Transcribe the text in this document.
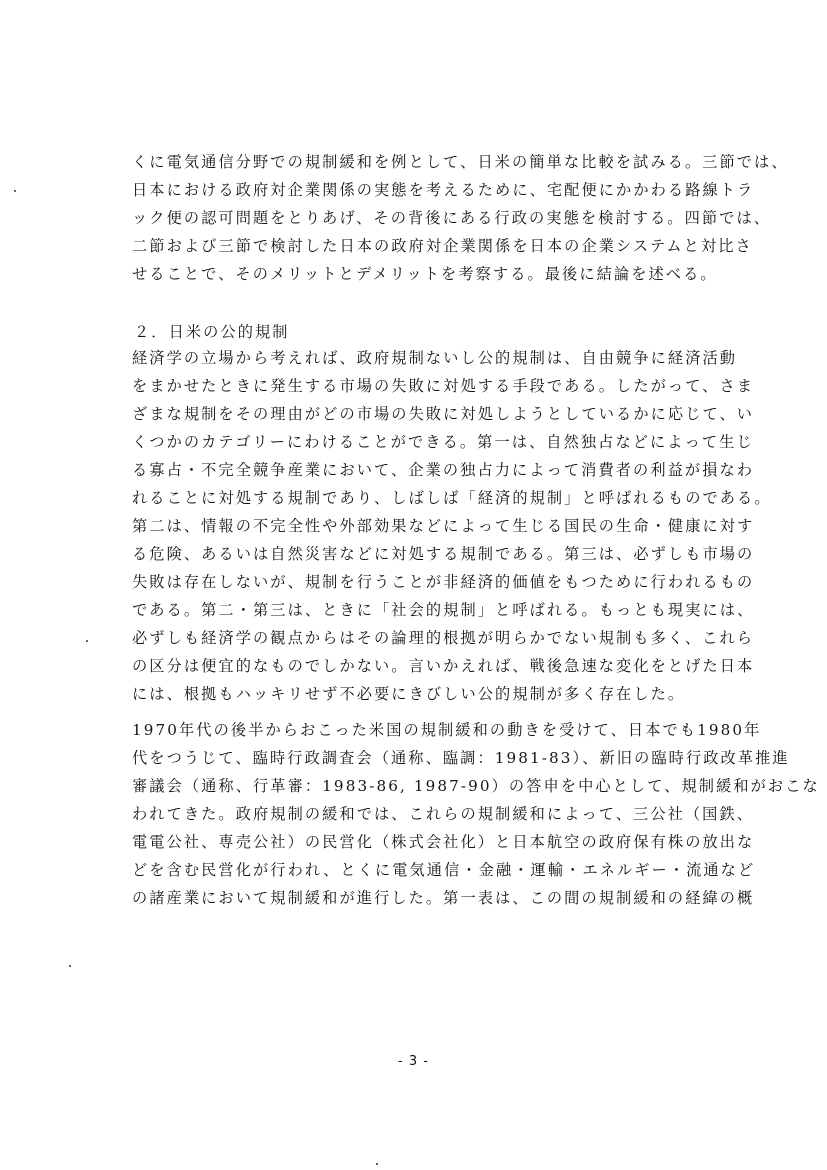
くに電気通信分野での規制緩和を例として、日米の簡単な比較を試みる。三節では、
日本における政府対企業関係の実態を考えるために、宅配便にかかわる路線トラ
ック便の認可問題をとりあげ、その背後にある行政の実態を検討する。四節では、
二節および三節で検討した日本の政府対企業関係を日本の企業システムと対比さ
せることで、そのメリットとデメリットを考察する。最後に結論を述べる。
２．日米の公的規制
経済学の立場から考えれば、政府規制ないし公的規制は、自由競争に経済活動
をまかせたときに発生する市場の失敗に対処する手段である。したがって、さま
ざまな規制をその理由がどの市場の失敗に対処しようとしているかに応じて、い
くつかのカテゴリーにわけることができる。第一は、自然独占などによって生じ
る寡占・不完全競争産業において、企業の独占力によって消費者の利益が損なわ
れることに対処する規制であり、しばしば「経済的規制」と呼ばれるものである。
第二は、情報の不完全性や外部効果などによって生じる国民の生命・健康に対す
る危険、あるいは自然災害などに対処する規制である。第三は、必ずしも市場の
失敗は存在しないが、規制を行うことが非経済的価値をもつために行われるもの
である。第二・第三は、ときに「社会的規制」と呼ばれる。もっとも現実には、
必ずしも経済学の観点からはその論理的根拠が明らかでない規制も多く、これら
の区分は便宜的なものでしかない。言いかえれば、戦後急速な変化をとげた日本
には、根拠もハッキリせず不必要にきびしい公的規制が多く存在した。
1970年代の後半からおこった米国の規制緩和の動きを受けて、日本でも1980年
代をつうじて、臨時行政調査会（通称、臨調：1981-83）、新旧の臨時行政改革推進
審議会（通称、行革審：1983-86, 1987-90）の答申を中心として、規制緩和がおこな
われてきた。政府規制の緩和では、これらの規制緩和によって、三公社（国鉄、
電電公社、専売公社）の民営化（株式会社化）と日本航空の政府保有株の放出な
どを含む民営化が行われ、とくに電気通信・金融・運輸・エネルギー・流通など
の諸産業において規制緩和が進行した。第一表は、この間の規制緩和の経緯の概
- 3 -
